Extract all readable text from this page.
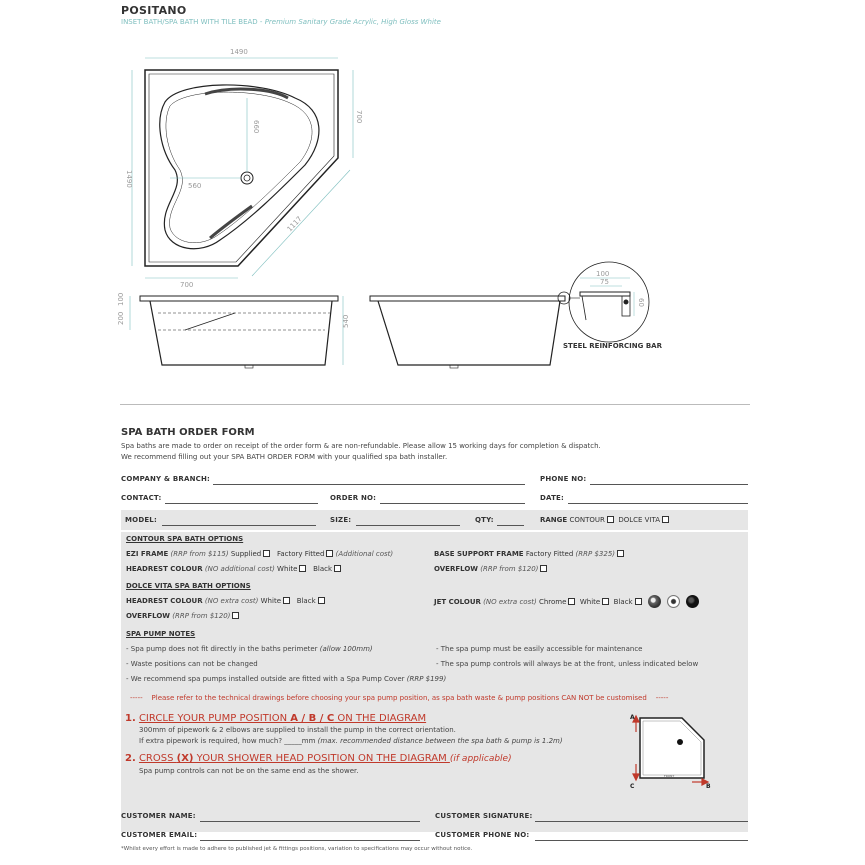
POSITANO
INSET BATH/SPA BATH WITH TILE BEAD - Premium Sanitary Grade Acrylic, High Gloss White
1490
1490
700
700
1117
660
560
200
100
540
100
75
60
STEEL REINFORCING BAR
SPA BATH ORDER FORM
Spa baths are made to order on receipt of the order form & are non-refundable. Please allow 15 working days for completion & dispatch.
We recommend filling out your SPA BATH ORDER FORM with your qualified spa bath installer.
COMPANY & BRANCH:	PHONE NO:
CONTACT:	ORDER NO:	DATE:
MODEL:	SIZE:	QTY:	RANGE CONTOUR DOLCE VITA
CONTOUR SPA BATH OPTIONS
EZI FRAME (RRP from $115) Supplied Factory Fitted (Additional cost)	BASE SUPPORT FRAME Factory Fitted (RRP $325)
HEADREST COLOUR (NO additional cost) White Black	OVERFLOW (RRP from $120)
DOLCE VITA SPA BATH OPTIONS
HEADREST COLOUR (NO extra cost) White Black	JET COLOUR (NO extra cost) Chrome White Black
OVERFLOW (RRP from $120)
SPA PUMP NOTES
- Spa pump does not fit directly in the baths perimeter (allow 100mm)
- Waste positions can not be changed
- We recommend spa pumps installed outside are fitted with a Spa Pump Cover (RRP $199)
- The spa pump must be easily accessible for maintenance
- The spa pump controls will always be at the front, unless indicated below
----- Please refer to the technical drawings before choosing your spa pump position, as spa bath waste & pump positions CAN NOT be customised -----
1. CIRCLE YOUR PUMP POSITION A / B / C ON THE DIAGRAM
300mm of pipework & 2 elbows are supplied to install the pump in the correct orientation.
If extra pipework is required, how much? _____mm (max. recommended distance between the spa bath & pump is 1.2m)
2. CROSS (X) YOUR SHOWER HEAD POSITION ON THE DIAGRAM (if applicable)
Spa pump controls can not be on the same end as the shower.
A
C	B
FRONT
CUSTOMER NAME:	CUSTOMER SIGNATURE:
CUSTOMER EMAIL:	CUSTOMER PHONE NO:
*Whilst every effort is made to adhere to published jet & fittings positions, variation to specifications may occur without notice.
